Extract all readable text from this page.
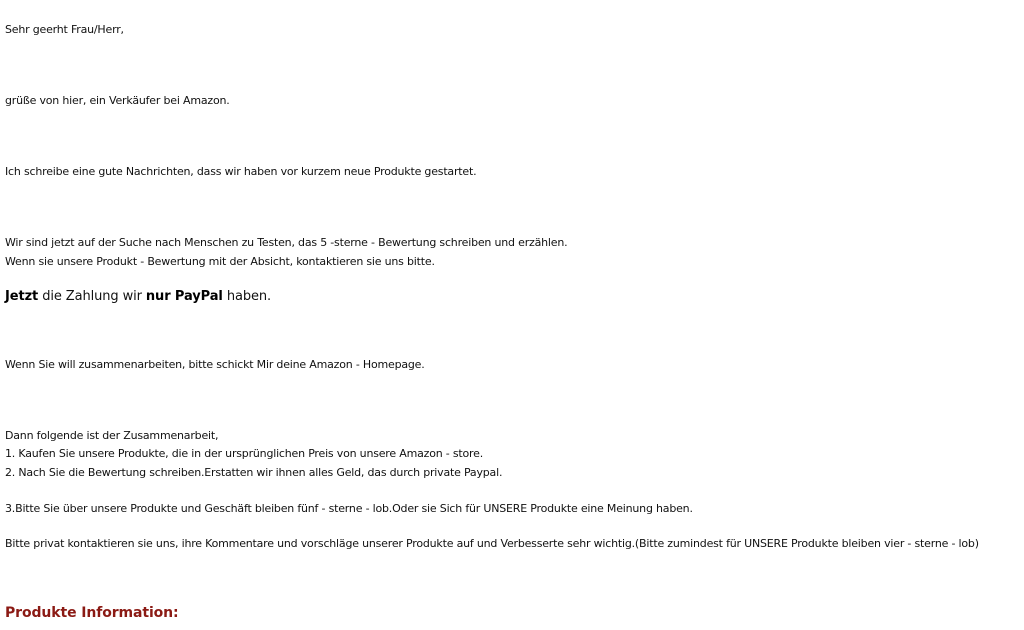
Sehr geerht Frau/Herr,
grüße von hier, ein Verkäufer bei Amazon.
Ich schreibe eine gute Nachrichten, dass wir haben vor kurzem neue Produkte gestartet.
Wir sind jetzt auf der Suche nach Menschen zu Testen, das 5 -sterne - Bewertung schreiben und erzählen.
Wenn sie unsere Produkt - Bewertung mit der Absicht, kontaktieren sie uns bitte.
Jetzt die Zahlung wir nur PayPal haben.
Wenn Sie will zusammenarbeiten, bitte schickt Mir deine Amazon - Homepage.
Dann folgende ist der Zusammenarbeit,
1. Kaufen Sie unsere Produkte, die in der ursprünglichen Preis von unsere Amazon - store.
2. Nach Sie die Bewertung schreiben.Erstatten wir ihnen alles Geld, das durch private Paypal.
3.Bitte Sie über unsere Produkte und Geschäft bleiben fünf - sterne - lob.Oder sie Sich für UNSERE Produkte eine Meinung haben.
Bitte privat kontaktieren sie uns, ihre Kommentare und vorschläge unserer Produkte auf und Verbesserte sehr wichtig.(Bitte zumindest für UNSERE Produkte bleiben vier - sterne - lob)
Produkte Information:
